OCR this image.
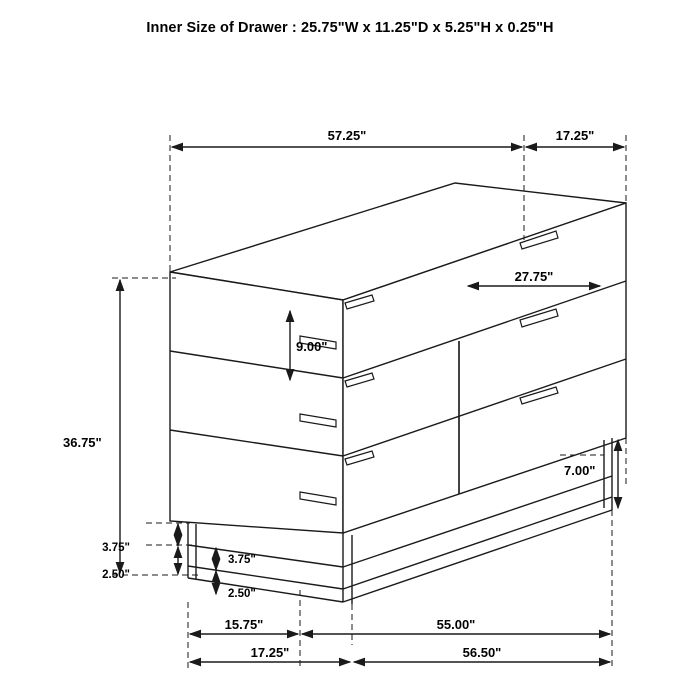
Inner Size of Drawer : 25.75"W x 11.25"D x 5.25"H x 0.25"H
57.25"	17.25"
27.75"
9.00"
36.75"
7.00"
3.75"
2.50"
3.75"
2.50"
15.75"	55.00"
17.25"	56.50"
